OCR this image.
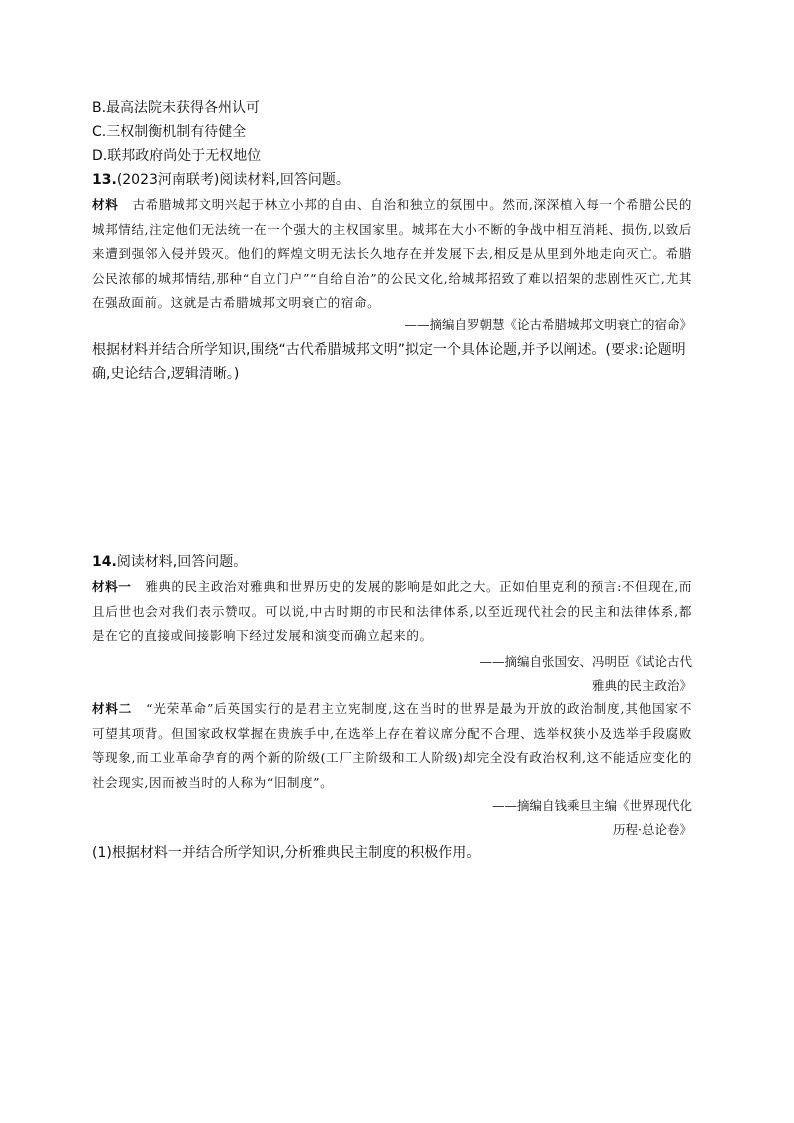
B.最高法院未获得各州认可
C.三权制衡机制有待健全
D.联邦政府尚处于无权地位
13.(2023河南联考)阅读材料,回答问题。
材料 古希腊城邦文明兴起于林立小邦的自由、自治和独立的氛围中。然而,深深植入每一个希腊公民的城邦情结,注定他们无法统一在一个强大的主权国家里。城邦在大小不断的争战中相互消耗、损伤,以致后来遭到强邻入侵并毁灭。他们的辉煌文明无法长久地存在并发展下去,相反是从里到外地走向灭亡。希腊公民浓郁的城邦情结,那种“自立门户”“自给自治”的公民文化,给城邦招致了难以招架的悲剧性灭亡,尤其在强敌面前。这就是古希腊城邦文明衰亡的宿命。
——摘编自罗朝慧《论古希腊城邦文明衰亡的宿命》
根据材料并结合所学知识,围绕“古代希腊城邦文明”拟定一个具体论题,并予以阐述。(要求:论题明确,史论结合,逻辑清晰。)
14.阅读材料,回答问题。
材料一 雅典的民主政治对雅典和世界历史的发展的影响是如此之大。正如伯里克利的预言:不但现在,而且后世也会对我们表示赞叹。可以说,中古时期的市民和法律体系,以至近现代社会的民主和法律体系,都是在它的直接或间接影响下经过发展和演变而确立起来的。
——摘编自张国安、冯明臣《试论古代
雅典的民主政治》
材料二 “光荣革命”后英国实行的是君主立宪制度,这在当时的世界是最为开放的政治制度,其他国家不可望其项背。但国家政权掌握在贵族手中,在选举上存在着议席分配不合理、选举权狭小及选举手段腐败等现象,而工业革命孕育的两个新的阶级(工厂主阶级和工人阶级)却完全没有政治权利,这不能适应变化的社会现实,因而被当时的人称为“旧制度”。
——摘编自钱乘旦主编《世界现代化
历程·总论卷》
(1)根据材料一并结合所学知识,分析雅典民主制度的积极作用。
